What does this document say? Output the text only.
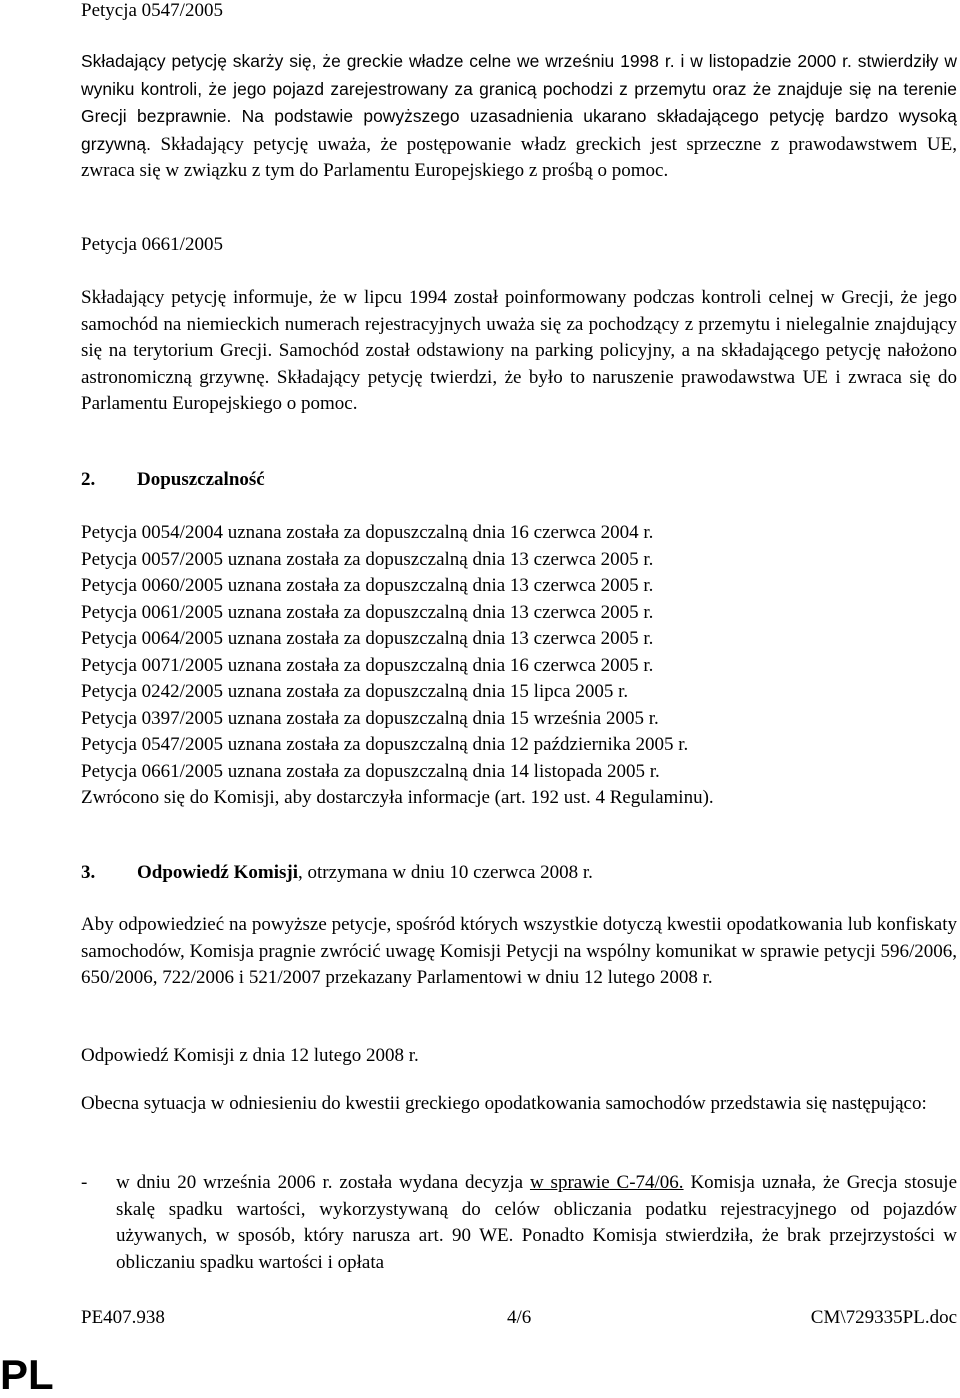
Petycja 0547/2005

Składający petycję skarży się, że greckie władze celne we wrześniu 1998 r. i w listopadzie 2000 r. stwierdziły w wyniku kontroli, że jego pojazd zarejestrowany za granicą pochodzi z przemytu oraz że znajduje się na terenie Grecji bezprawnie. Na podstawie powyższego uzasadnienia ukarano składającego petycję bardzo wysoką grzywną. Składający petycję uważa, że postępowanie władz greckich jest sprzeczne z prawodawstwem UE, zwraca się w związku z tym do Parlamentu Europejskiego z prośbą o pomoc.

Petycja 0661/2005

Składający petycję informuje, że w lipcu 1994 został poinformowany podczas kontroli celnej w Grecji, że jego samochód na niemieckich numerach rejestracyjnych uważa się za pochodzący z przemytu i nielegalnie znajdujący się na terytorium Grecji. Samochód został odstawiony na parking policyjny, a na składającego petycję nałożono astronomiczną grzywnę. Składający petycję twierdzi, że było to naruszenie prawodawstwa UE i zwraca się do Parlamentu Europejskiego o pomoc.

2. Dopuszczalność

Petycja 0054/2004 uznana została za dopuszczalną dnia 16 czerwca 2004 r.
Petycja 0057/2005 uznana została za dopuszczalną dnia 13 czerwca 2005 r.
Petycja 0060/2005 uznana została za dopuszczalną dnia 13 czerwca 2005 r.
Petycja 0061/2005 uznana została za dopuszczalną dnia 13 czerwca 2005 r.
Petycja 0064/2005 uznana została za dopuszczalną dnia 13 czerwca 2005 r.
Petycja 0071/2005 uznana została za dopuszczalną dnia 16 czerwca 2005 r.
Petycja 0242/2005 uznana została za dopuszczalną dnia 15 lipca 2005 r.
Petycja 0397/2005 uznana została za dopuszczalną dnia 15 września 2005 r.
Petycja 0547/2005 uznana została za dopuszczalną dnia 12 października 2005 r.
Petycja 0661/2005 uznana została za dopuszczalną dnia 14 listopada 2005 r.
Zwrócono się do Komisji, aby dostarczyła informacje (art. 192 ust. 4 Regulaminu).

3. Odpowiedź Komisji, otrzymana w dniu 10 czerwca 2008 r.

Aby odpowiedzieć na powyższe petycje, spośród których wszystkie dotyczą kwestii opodatkowania lub konfiskaty samochodów, Komisja pragnie zwrócić uwagę Komisji Petycji na wspólny komunikat w sprawie petycji 596/2006, 650/2006, 722/2006 i 521/2007 przekazany Parlamentowi w dniu 12 lutego 2008 r.

Odpowiedź Komisji z dnia 12 lutego 2008 r.

Obecna sytuacja w odniesieniu do kwestii greckiego opodatkowania samochodów przedstawia się następująco:

- w dniu 20 września 2006 r. została wydana decyzja w sprawie C-74/06. Komisja uznała, że Grecja stosuje skalę spadku wartości, wykorzystywaną do celów obliczania podatku rejestracyjnego od pojazdów używanych, w sposób, który narusza art. 90 WE. Ponadto Komisja stwierdziła, że brak przejrzystości w obliczaniu spadku wartości i opłata

PE407.938	4/6	CM\729335PL.doc
PL
